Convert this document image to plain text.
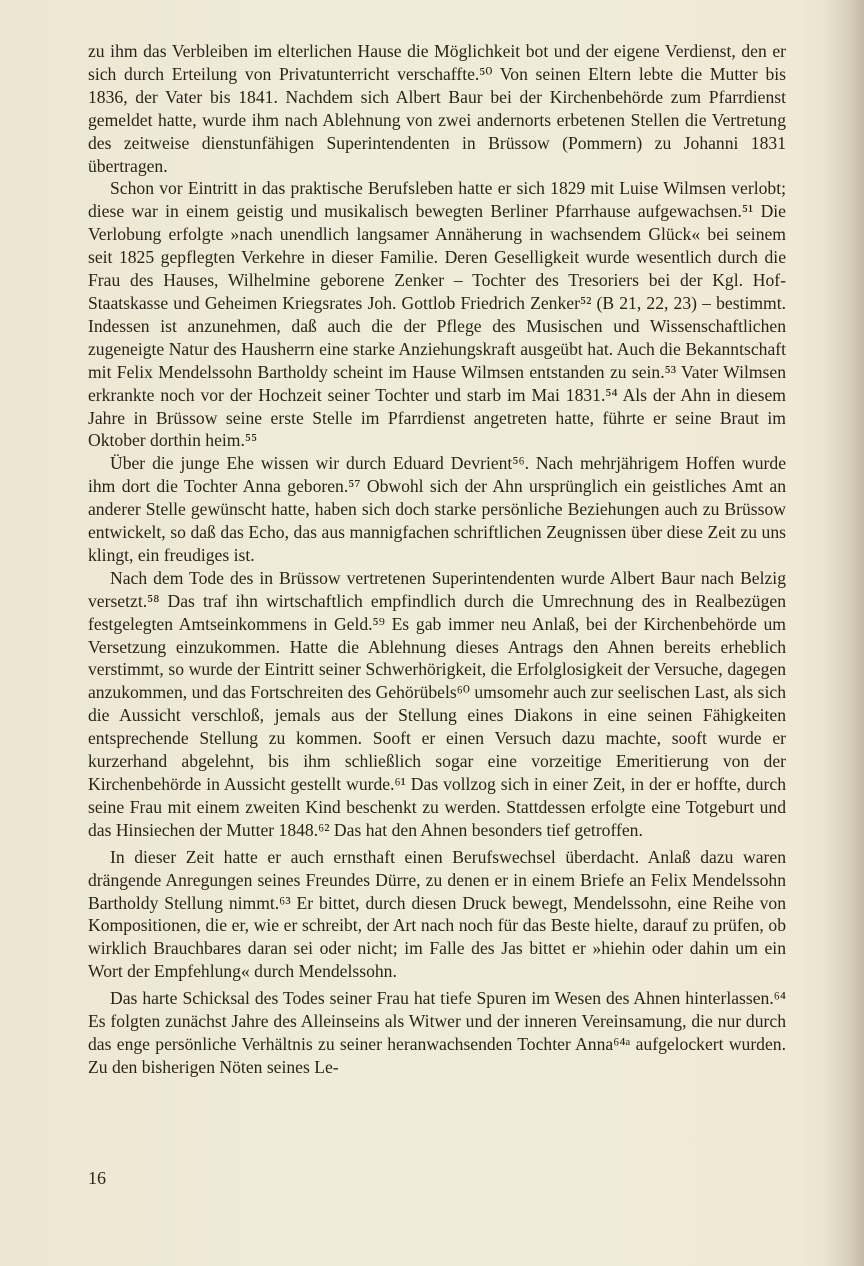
zu ihm das Verbleiben im elterlichen Hause die Möglichkeit bot und der eigene Verdienst, den er sich durch Erteilung von Privatunterricht verschaffte.⁵⁰ Von seinen Eltern lebte die Mutter bis 1836, der Vater bis 1841. Nachdem sich Albert Baur bei der Kirchenbehörde zum Pfarrdienst gemeldet hatte, wurde ihm nach Ablehnung von zwei andernorts erbetenen Stellen die Vertretung des zeitweise dienstunfähigen Superintendenten in Brüssow (Pommern) zu Johanni 1831 übertragen.

Schon vor Eintritt in das praktische Berufsleben hatte er sich 1829 mit Luise Wilmsen verlobt; diese war in einem geistig und musikalisch bewegten Berliner Pfarrhause aufgewachsen.⁵¹ Die Verlobung erfolgte »nach unendlich langsamer Annäherung in wachsendem Glück« bei seinem seit 1825 gepflegten Verkehre in dieser Familie. Deren Geselligkeit wurde wesentlich durch die Frau des Hauses, Wilhelmine geborene Zenker – Tochter des Tresoriers bei der Kgl. Hof-Staatskasse und Geheimen Kriegsrates Joh. Gottlob Friedrich Zenker⁵² (B 21, 22, 23) – bestimmt. Indessen ist anzunehmen, daß auch die der Pflege des Musischen und Wissenschaftlichen zugeneigte Natur des Hausherrn eine starke Anziehungskraft ausgeübt hat. Auch die Bekanntschaft mit Felix Mendelssohn Bartholdy scheint im Hause Wilmsen entstanden zu sein.⁵³ Vater Wilmsen erkrankte noch vor der Hochzeit seiner Tochter und starb im Mai 1831.⁵⁴ Als der Ahn in diesem Jahre in Brüssow seine erste Stelle im Pfarrdienst angetreten hatte, führte er seine Braut im Oktober dorthin heim.⁵⁵

Über die junge Ehe wissen wir durch Eduard Devrient⁵⁶. Nach mehrjährigem Hoffen wurde ihm dort die Tochter Anna geboren.⁵⁷ Obwohl sich der Ahn ursprünglich ein geistliches Amt an anderer Stelle gewünscht hatte, haben sich doch starke persönliche Beziehungen auch zu Brüssow entwickelt, so daß das Echo, das aus mannigfachen schriftlichen Zeugnissen über diese Zeit zu uns klingt, ein freudiges ist.

Nach dem Tode des in Brüssow vertretenen Superintendenten wurde Albert Baur nach Belzig versetzt.⁵⁸ Das traf ihn wirtschaftlich empfindlich durch die Umrechnung des in Realbezügen festgelegten Amtseinkommens in Geld.⁵⁹ Es gab immer neu Anlaß, bei der Kirchenbehörde um Versetzung einzukommen. Hatte die Ablehnung dieses Antrags den Ahnen bereits erheblich verstimmt, so wurde der Eintritt seiner Schwerhörigkeit, die Erfolglosigkeit der Versuche, dagegen anzukommen, und das Fortschreiten des Gehörübels⁶⁰ umsomehr auch zur seelischen Last, als sich die Aussicht verschloß, jemals aus der Stellung eines Diakons in eine seinen Fähigkeiten entsprechende Stellung zu kommen. Sooft er einen Versuch dazu machte, sooft wurde er kurzerhand abgelehnt, bis ihm schließlich sogar eine vorzeitige Emeritierung von der Kirchenbehörde in Aussicht gestellt wurde.⁶¹ Das vollzog sich in einer Zeit, in der er hoffte, durch seine Frau mit einem zweiten Kind beschenkt zu werden. Stattdessen erfolgte eine Totgeburt und das Hinsiechen der Mutter 1848.⁶² Das hat den Ahnen besonders tief getroffen.

In dieser Zeit hatte er auch ernsthaft einen Berufswechsel überdacht. Anlaß dazu waren drängende Anregungen seines Freundes Dürre, zu denen er in einem Briefe an Felix Mendelssohn Bartholdy Stellung nimmt.⁶³ Er bittet, durch diesen Druck bewegt, Mendelssohn, eine Reihe von Kompositionen, die er, wie er schreibt, der Art nach noch für das Beste hielte, darauf zu prüfen, ob wirklich Brauchbares daran sei oder nicht; im Falle des Jas bittet er »hiehin oder dahin um ein Wort der Empfehlung« durch Mendelssohn.

Das harte Schicksal des Todes seiner Frau hat tiefe Spuren im Wesen des Ahnen hinterlassen.⁶⁴ Es folgten zunächst Jahre des Alleinseins als Witwer und der inneren Vereinsamung, die nur durch das enge persönliche Verhältnis zu seiner heranwachsenden Tochter Anna⁶⁴ᵃ aufgelockert wurden. Zu den bisherigen Nöten seines Le-

16
